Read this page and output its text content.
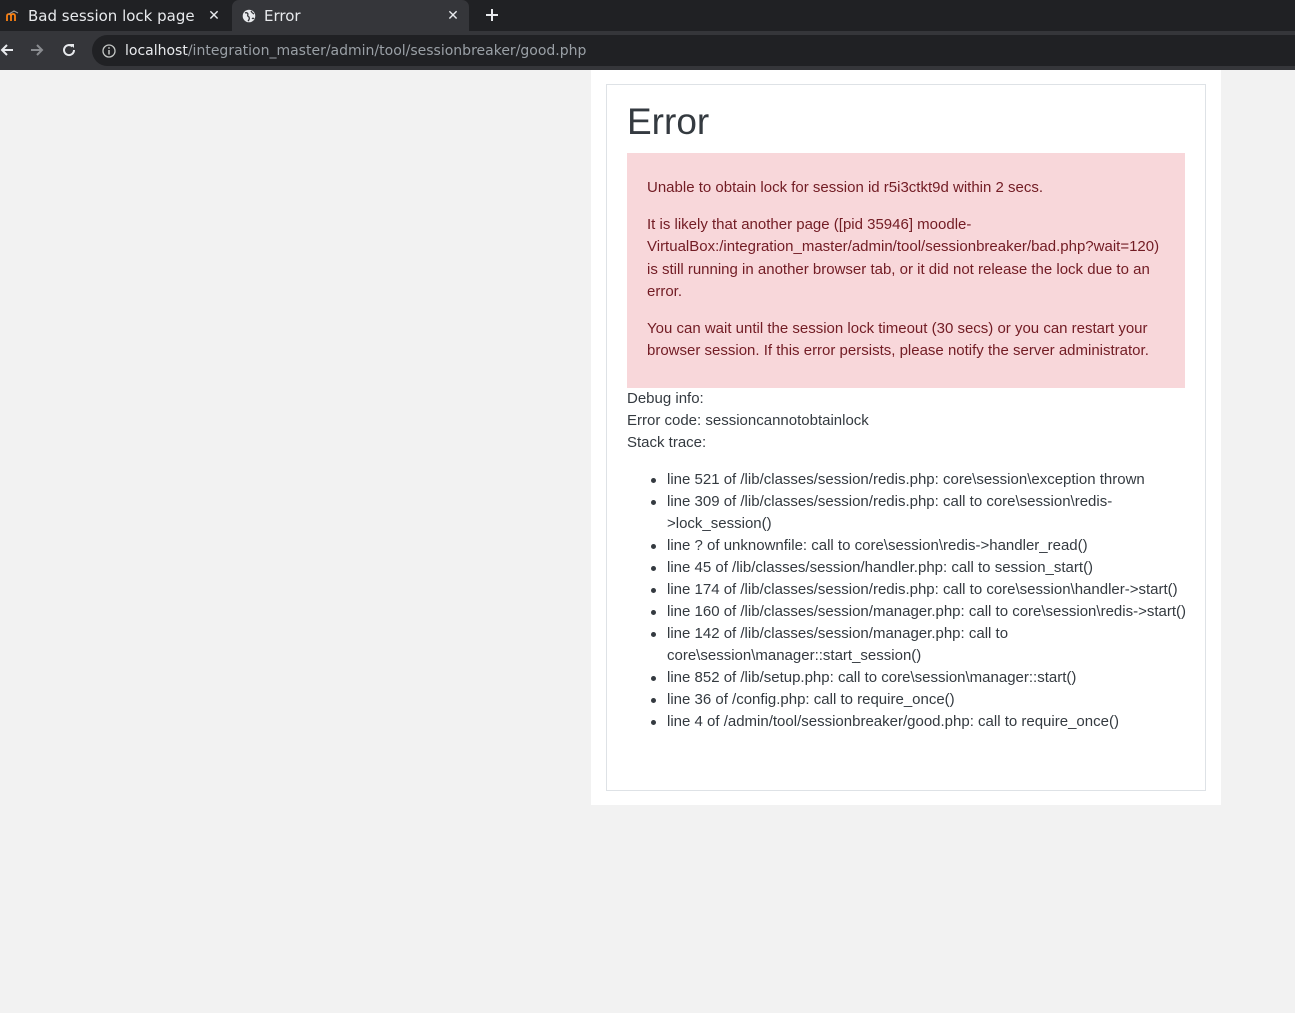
Bad session lock page ✕	Error	✕
localhost/integration_master/admin/tool/sessionbreaker/good.php
Error

Unable to obtain lock for session id r5i3ctkt9d within 2 secs.

It is likely that another page ([pid 35946] moodle-VirtualBox:/integration_master/admin/tool/sessionbreaker/bad.php?wait=120) is still running in another browser tab, or it did not release the lock due to an error.

You can wait until the session lock timeout (30 secs) or you can restart your browser session. If this error persists, please notify the server administrator.

Debug info:
Error code: sessioncannotobtainlock
Stack trace:
line 521 of /lib/classes/session/redis.php: core\session\exception thrown
line 309 of /lib/classes/session/redis.php: call to core\session\redis->lock_session()
line ? of unknownfile: call to core\session\redis->handler_read()
line 45 of /lib/classes/session/handler.php: call to session_start()
line 174 of /lib/classes/session/redis.php: call to core\session\handler->start()
line 160 of /lib/classes/session/manager.php: call to core\session\redis->start()
line 142 of /lib/classes/session/manager.php: call to core\session\manager::start_session()
line 852 of /lib/setup.php: call to core\session\manager::start()
line 36 of /config.php: call to require_once()
line 4 of /admin/tool/sessionbreaker/good.php: call to require_once()
